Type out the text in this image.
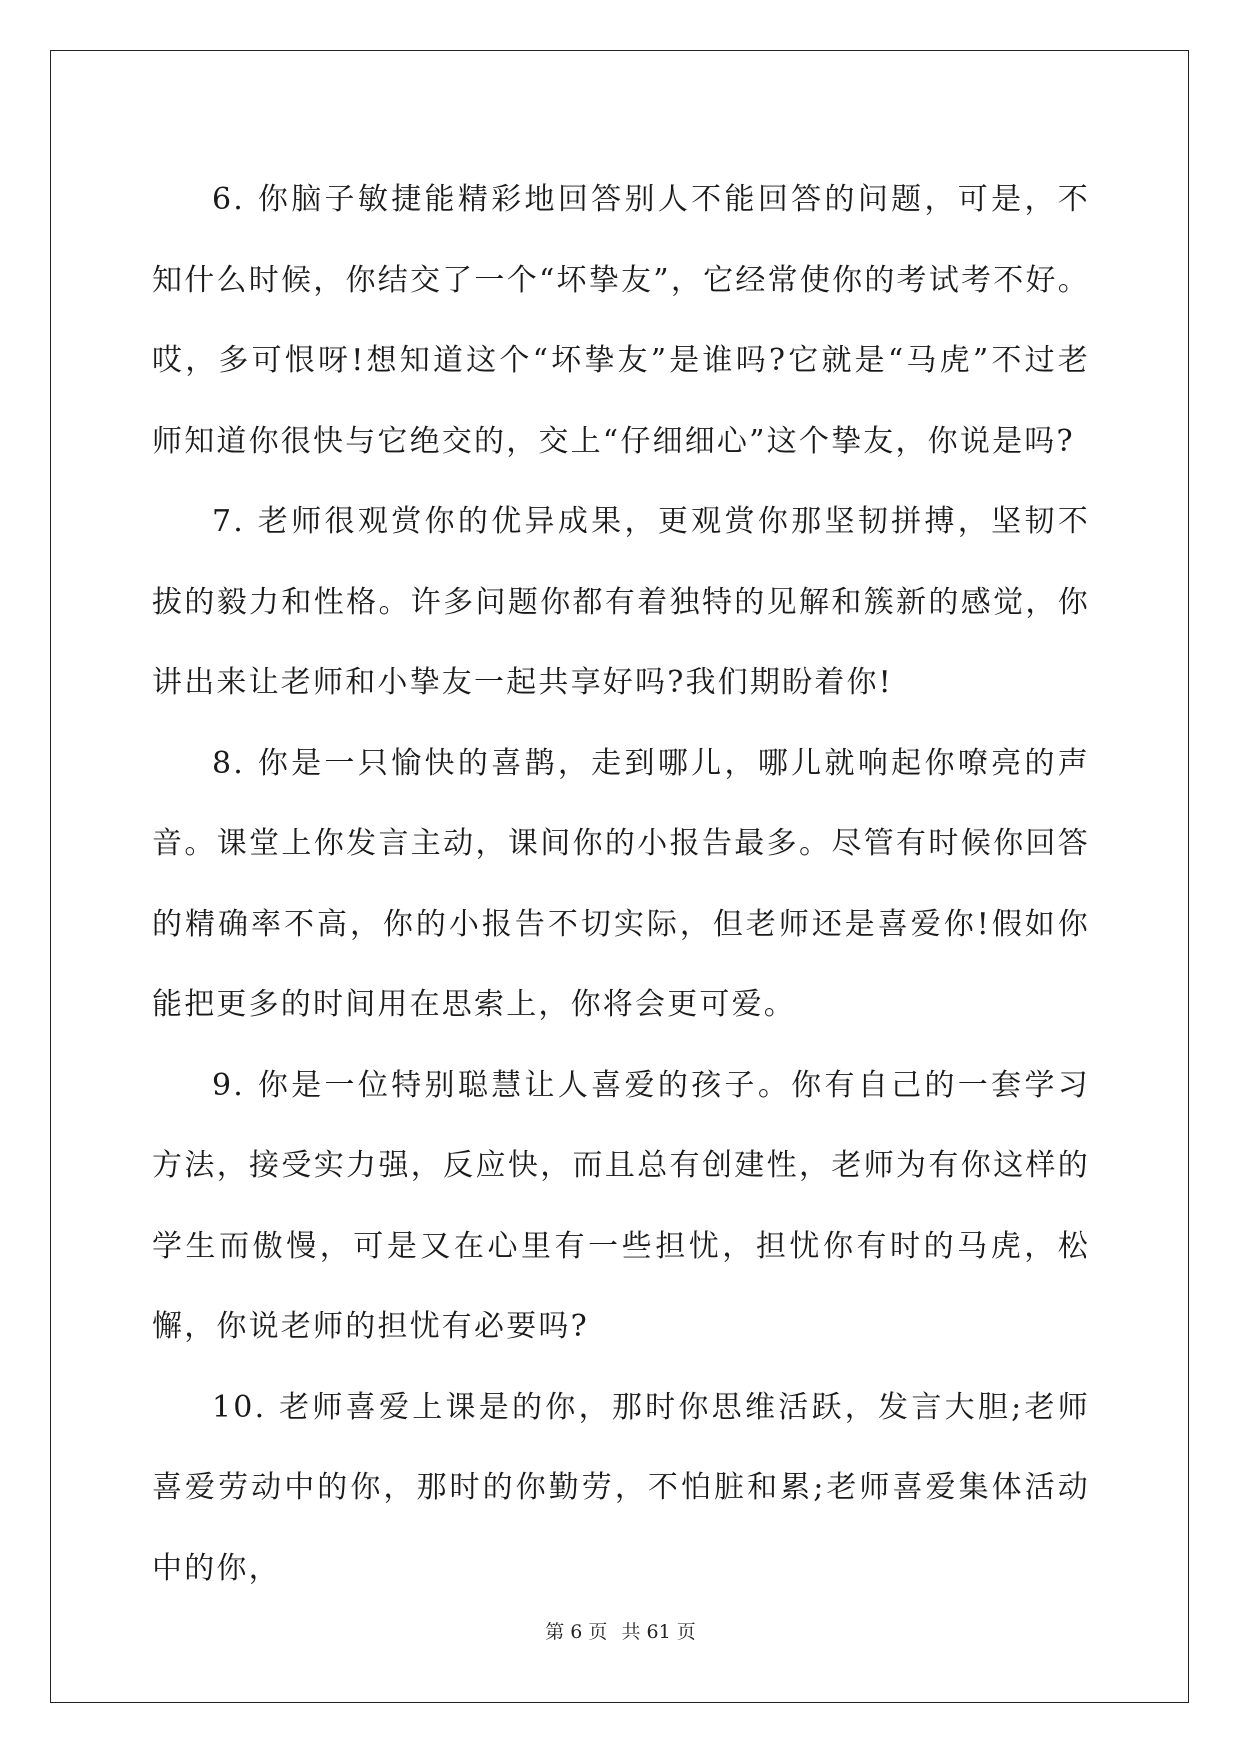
6. 你脑子敏捷能精彩地回答别人不能回答的问题，可是，不知什么时候，你结交了一个“坏挚友”，它经常使你的考试考不好。哎，多可恨呀!想知道这个“坏挚友”是谁吗?它就是“马虎”不过老师知道你很快与它绝交的，交上“仔细细心”这个挚友，你说是吗?

7. 老师很观赏你的优异成果，更观赏你那坚韧拼搏，坚韧不拔的毅力和性格。许多问题你都有着独特的见解和簇新的感觉，你讲出来让老师和小挚友一起共享好吗?我们期盼着你!

8. 你是一只愉快的喜鹊，走到哪儿，哪儿就响起你嘹亮的声音。课堂上你发言主动，课间你的小报告最多。尽管有时候你回答的精确率不高，你的小报告不切实际，但老师还是喜爱你!假如你能把更多的时间用在思索上，你将会更可爱。

9. 你是一位特别聪慧让人喜爱的孩子。你有自己的一套学习方法，接受实力强，反应快，而且总有创建性，老师为有你这样的学生而傲慢，可是又在心里有一些担忧，担忧你有时的马虎，松懈，你说老师的担忧有必要吗?

10. 老师喜爱上课是的你，那时你思维活跃，发言大胆;老师喜爱劳动中的你，那时的你勤劳，不怕脏和累;老师喜爱集体活动中的你，

第 6 页 共 61 页
